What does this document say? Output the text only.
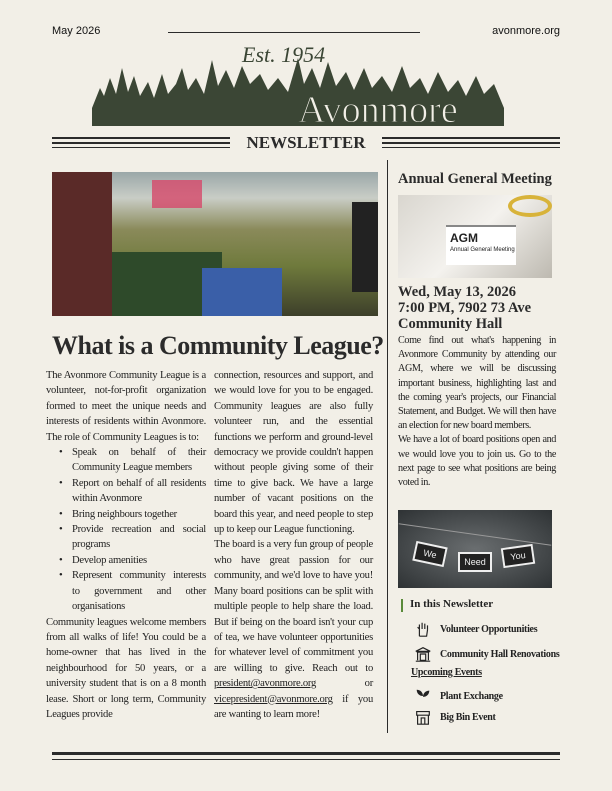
May 2026	avonmore.org
Avonmore
Est. 1954
NEWSLETTER
What is a Community League?

The Avonmore Community League is a volunteer, not-for-profit organization formed to meet the unique needs and interests of residents within Avonmore. The role of Community Leagues is to:

• Speak on behalf of their Community League members
• Report on behalf of all residents within Avonmore
• Bring neighbours together
• Provide recreation and social programs
• Develop amenities
• Represent community interests to government and other organisations

Community leagues welcome members from all walks of life! You could be a home-owner that has lived in the neighbourhood for 50 years, or a university student that is on a 8 month lease. Short or long term, Community Leagues provide

connection, resources and support, and we would love for you to be engaged. Community leagues are also fully volunteer run, and the essential functions we perform and ground-level democracy we provide couldn't happen without people giving some of their time to give back. We have a large number of vacant positions on the board this year, and need people to step up to keep our League functioning.

The board is a very fun group of people who have great passion for our community, and we'd love to have you! Many board positions can be split with multiple people to help share the load. But if being on the board isn't your cup of tea, we have volunteer opportunities for whatever level of commitment you are willing to give. Reach out to president@avonmore.org	or
vicepresident@avonmore.org if you are wanting to learn more!

Annual General Meeting
AGM
Annual General Meeting
Wed, May 13, 2026
7:00 PM, 7902 73 Ave
Community Hall

Come find out what's happening in Avonmore Community by attending our AGM, where we will be discussing important business, highlighting last and the coming year's projects, our Financial Statement, and Budget. We will then have an election for new board members.

We have a lot of board positions open and we would love you to join us. Go to the next page to see what positions are being voted in.

We
Need	You
In this Newsletter
Volunteer Opportunities
Community Hall Renovations
Upcoming Events
Plant Exchange
Big Bin Event
